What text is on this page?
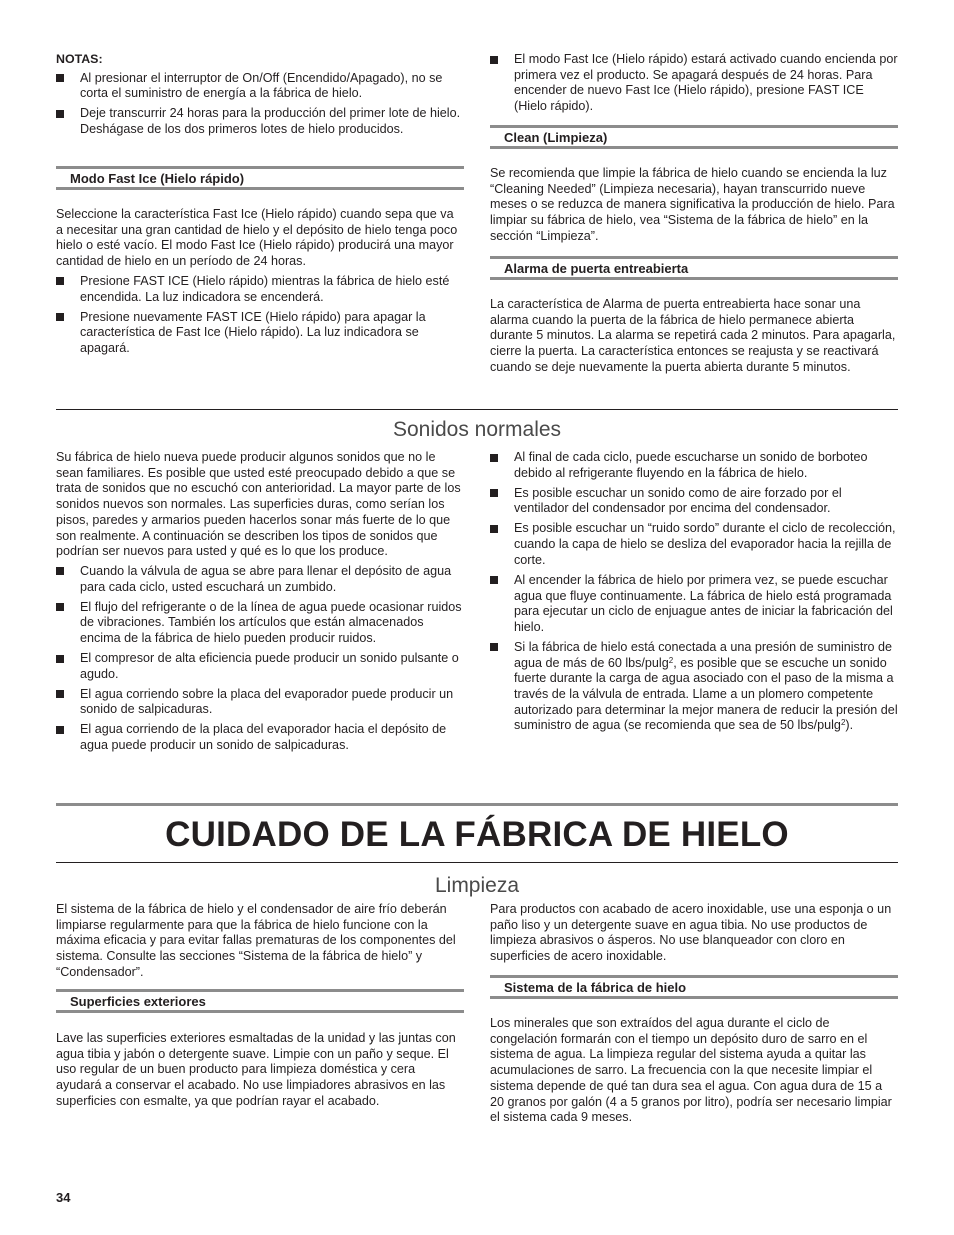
NOTAS:
Al presionar el interruptor de On/Off (Encendido/Apagado), no se corta el suministro de energía a la fábrica de hielo.
Deje transcurrir 24 horas para la producción del primer lote de hielo. Deshágase de los dos primeros lotes de hielo producidos.
Modo Fast Ice (Hielo rápido)

Seleccione la característica Fast Ice (Hielo rápido) cuando sepa que va a necesitar una gran cantidad de hielo y el depósito de hielo tenga poco hielo o esté vacío. El modo Fast Ice (Hielo rápido) producirá una mayor cantidad de hielo en un período de 24 horas.

Presione FAST ICE (Hielo rápido) mientras la fábrica de hielo esté encendida. La luz indicadora se encenderá.
Presione nuevamente FAST ICE (Hielo rápido) para apagar la característica de Fast Ice (Hielo rápido). La luz indicadora se apagará.
El modo Fast Ice (Hielo rápido) estará activado cuando encienda por primera vez el producto. Se apagará después de 24 horas. Para encender de nuevo Fast Ice (Hielo rápido), presione FAST ICE (Hielo rápido).
Clean (Limpieza)

Se recomienda que limpie la fábrica de hielo cuando se encienda la luz “Cleaning Needed” (Limpieza necesaria), hayan transcurrido nueve meses o se reduzca de manera significativa la producción de hielo. Para limpiar su fábrica de hielo, vea “Sistema de la fábrica de hielo” en la sección “Limpieza”.

Alarma de puerta entreabierta

La característica de Alarma de puerta entreabierta hace sonar una alarma cuando la puerta de la fábrica de hielo permanece abierta durante 5 minutos. La alarma se repetirá cada 2 minutos. Para apagarla, cierre la puerta. La característica entonces se reajusta y se reactivará cuando se deje nuevamente la puerta abierta durante 5 minutos.

Sonidos normales

Su fábrica de hielo nueva puede producir algunos sonidos que no le sean familiares. Es posible que usted esté preocupado debido a que se trata de sonidos que no escuchó con anterioridad. La mayor parte de los sonidos nuevos son normales. Las superficies duras, como serían los pisos, paredes y armarios pueden hacerlos sonar más fuerte de lo que son realmente. A continuación se describen los tipos de sonidos que podrían ser nuevos para usted y qué es lo que los produce.

Cuando la válvula de agua se abre para llenar el depósito de agua para cada ciclo, usted escuchará un zumbido.
El flujo del refrigerante o de la línea de agua puede ocasionar ruidos de vibraciones. También los artículos que están almacenados encima de la fábrica de hielo pueden producir ruidos.
El compresor de alta eficiencia puede producir un sonido pulsante o agudo.
El agua corriendo sobre la placa del evaporador puede producir un sonido de salpicaduras.
El agua corriendo de la placa del evaporador hacia el depósito de agua puede producir un sonido de salpicaduras.
Al final de cada ciclo, puede escucharse un sonido de borboteo debido al refrigerante fluyendo en la fábrica de hielo.
Es posible escuchar un sonido como de aire forzado por el ventilador del condensador por encima del condensador.
Es posible escuchar un “ruido sordo” durante el ciclo de recolección, cuando la capa de hielo se desliza del evaporador hacia la rejilla de corte.
Al encender la fábrica de hielo por primera vez, se puede escuchar agua que fluye continuamente. La fábrica de hielo está programada para ejecutar un ciclo de enjuague antes de iniciar la fabricación del hielo.
Si la fábrica de hielo está conectada a una presión de suministro de agua de más de 60 lbs/pulg$^2$, es posible que se escuche un sonido fuerte durante la carga de agua asociado con el paso de la misma a través de la válvula de entrada. Llame a un plomero competente autorizado para determinar la mejor manera de reducir la presión del suministro de agua (se recomienda que sea de 50 lbs/pulg$^2$).
CUIDADO DE LA FÁBRICA DE HIELO
Limpieza

El sistema de la fábrica de hielo y el condensador de aire frío deberán limpiarse regularmente para que la fábrica de hielo funcione con la máxima eficacia y para evitar fallas prematuras de los componentes del sistema. Consulte las secciones “Sistema de la fábrica de hielo” y “Condensador”.

Superficies exteriores

Lave las superficies exteriores esmaltadas de la unidad y las juntas con agua tibia y jabón o detergente suave. Limpie con un paño y seque. El uso regular de un buen producto para limpieza doméstica y cera ayudará a conservar el acabado. No use limpiadores abrasivos en las superficies con esmalte, ya que podrían rayar el acabado.

Para productos con acabado de acero inoxidable, use una esponja o un paño liso y un detergente suave en agua tibia. No use productos de limpieza abrasivos o ásperos. No use blanqueador con cloro en superficies de acero inoxidable.

Sistema de la fábrica de hielo

Los minerales que son extraídos del agua durante el ciclo de congelación formarán con el tiempo un depósito duro de sarro en el sistema de agua. La limpieza regular del sistema ayuda a quitar las acumulaciones de sarro. La frecuencia con la que necesite limpiar el sistema depende de qué tan dura sea el agua. Con agua dura de 15 a 20 granos por galón (4 a 5 granos por litro), podría ser necesario limpiar el sistema cada 9 meses.

34
